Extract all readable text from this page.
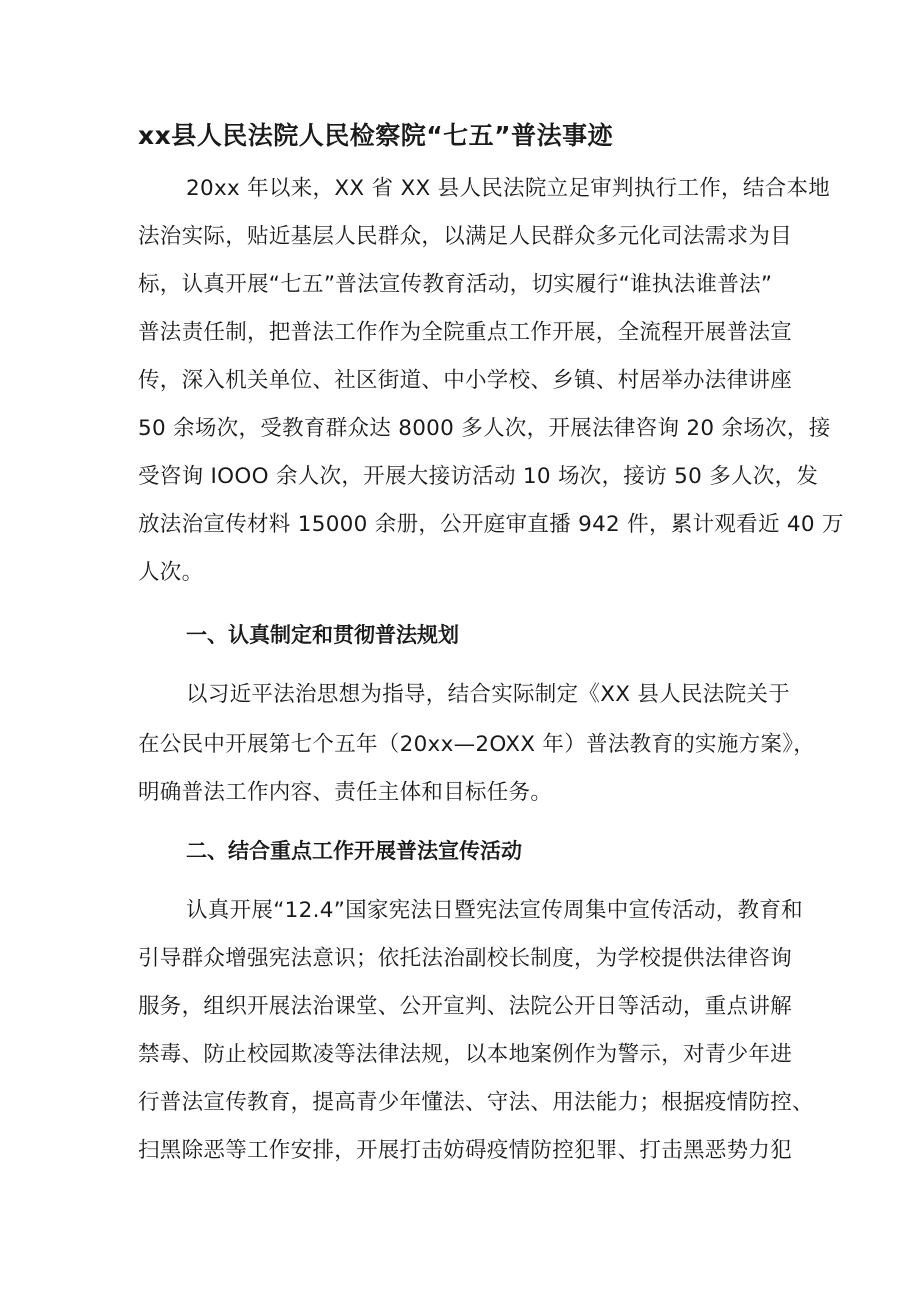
xx县人民法院人民检察院“七五”普法事迹
20xx 年以来，XX 省 XX 县人民法院立足审判执行工作，结合本地
法治实际，贴近基层人民群众，以满足人民群众多元化司法需求为目
标，认真开展“七五”普法宣传教育活动，切实履行“谁执法谁普法”
普法责任制，把普法工作作为全院重点工作开展，全流程开展普法宣
传，深入机关单位、社区街道、中小学校、乡镇、村居举办法律讲座
50 余场次，受教育群众达 8000 多人次，开展法律咨询 20 余场次，接
受咨询 IOOO 余人次，开展大接访活动 10 场次，接访 50 多人次，发
放法治宣传材料 15000 余册，公开庭审直播 942 件，累计观看近 40 万
人次。
一、认真制定和贯彻普法规划
以习近平法治思想为指导，结合实际制定《XX 县人民法院关于
在公民中开展第七个五年（20xx—2OXX 年）普法教育的实施方案》，
明确普法工作内容、责任主体和目标任务。
二、结合重点工作开展普法宣传活动
认真开展“12.4”国家宪法日暨宪法宣传周集中宣传活动，教育和
引导群众增强宪法意识；依托法治副校长制度，为学校提供法律咨询
服务，组织开展法治课堂、公开宣判、法院公开日等活动，重点讲解
禁毒、防止校园欺凌等法律法规，以本地案例作为警示，对青少年进
行普法宣传教育，提高青少年懂法、守法、用法能力；根据疫情防控、
扫黑除恶等工作安排，开展打击妨碍疫情防控犯罪、打击黑恶势力犯
